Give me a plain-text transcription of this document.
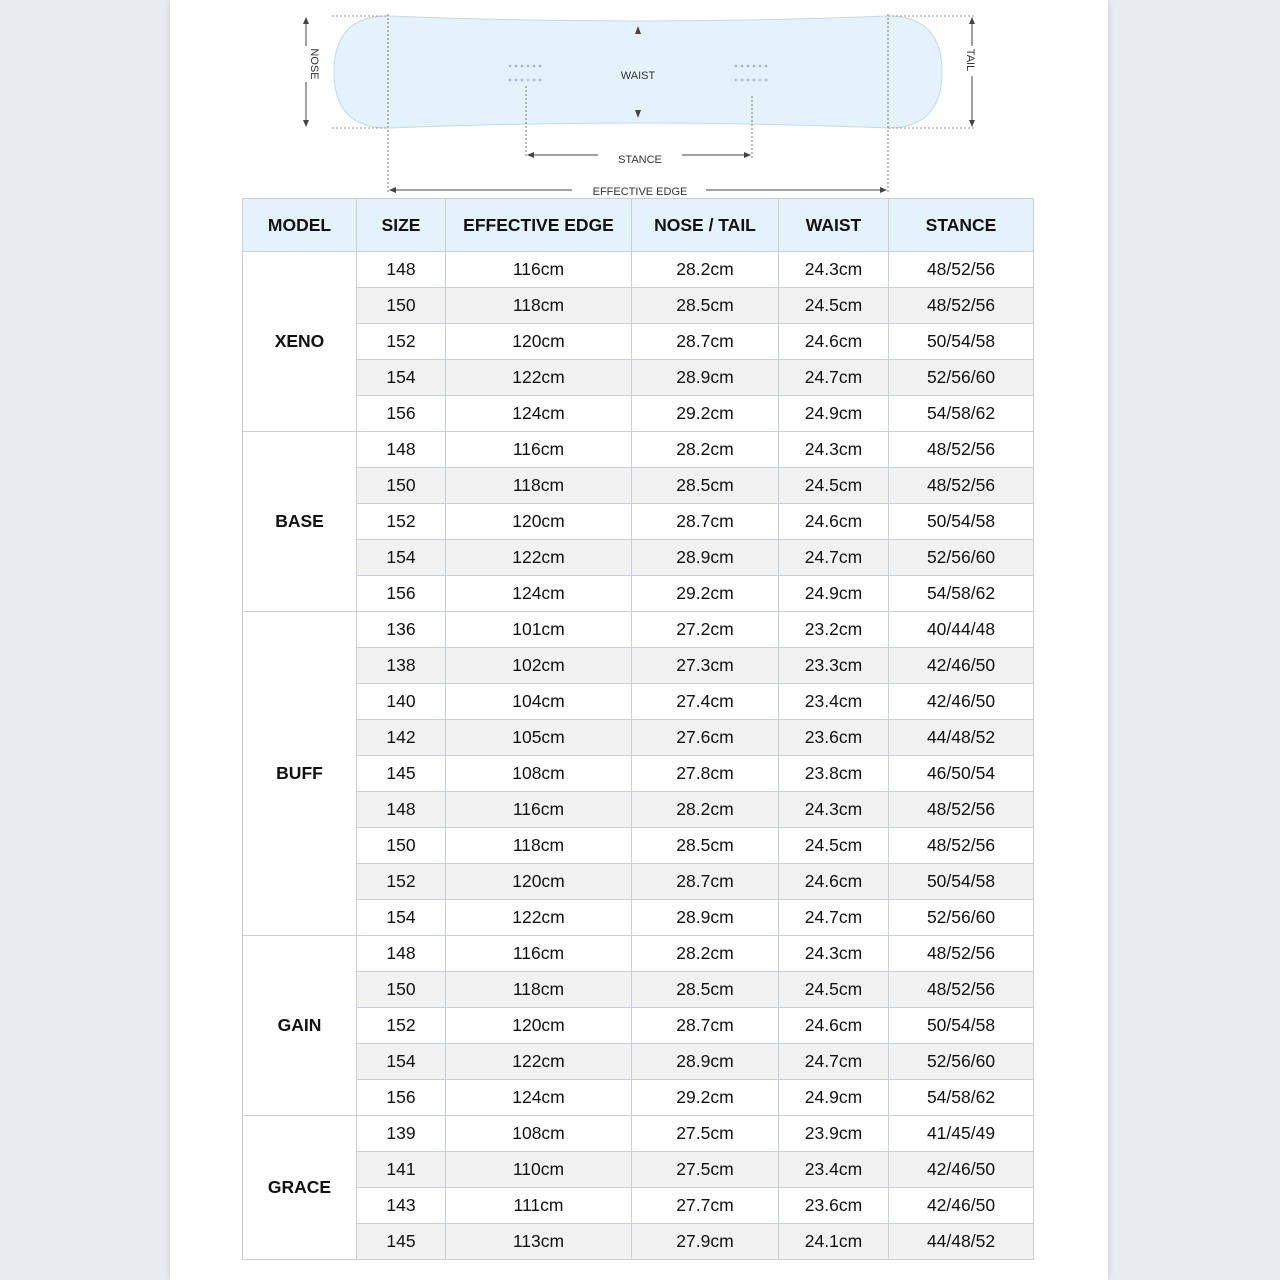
NOSE	TAIL
WAIST
STANCE
EFFECTIVE EDGE
MODEL	SIZE	EFFECTIVE EDGE	NOSE / TAIL	WAIST	STANCE
XENO	148	116cm	28.2cm	24.3cm	48/52/56
	150	118cm	28.5cm	24.5cm	48/52/56
	152	120cm	28.7cm	24.6cm	50/54/58
	154	122cm	28.9cm	24.7cm	52/56/60
	156	124cm	29.2cm	24.9cm	54/58/62
BASE	148	116cm	28.2cm	24.3cm	48/52/56
	150	118cm	28.5cm	24.5cm	48/52/56
	152	120cm	28.7cm	24.6cm	50/54/58
	154	122cm	28.9cm	24.7cm	52/56/60
	156	124cm	29.2cm	24.9cm	54/58/62
BUFF	136	101cm	27.2cm	23.2cm	40/44/48
	138	102cm	27.3cm	23.3cm	42/46/50
	140	104cm	27.4cm	23.4cm	42/46/50
	142	105cm	27.6cm	23.6cm	44/48/52
	145	108cm	27.8cm	23.8cm	46/50/54
	148	116cm	28.2cm	24.3cm	48/52/56
	150	118cm	28.5cm	24.5cm	48/52/56
	152	120cm	28.7cm	24.6cm	50/54/58
	154	122cm	28.9cm	24.7cm	52/56/60
GAIN	148	116cm	28.2cm	24.3cm	48/52/56
	150	118cm	28.5cm	24.5cm	48/52/56
	152	120cm	28.7cm	24.6cm	50/54/58
	154	122cm	28.9cm	24.7cm	52/56/60
	156	124cm	29.2cm	24.9cm	54/58/62
GRACE	139	108cm	27.5cm	23.9cm	41/45/49
	141	110cm	27.5cm	23.4cm	42/46/50
	143	111cm	27.7cm	23.6cm	42/46/50
	145	113cm	27.9cm	24.1cm	44/48/52
